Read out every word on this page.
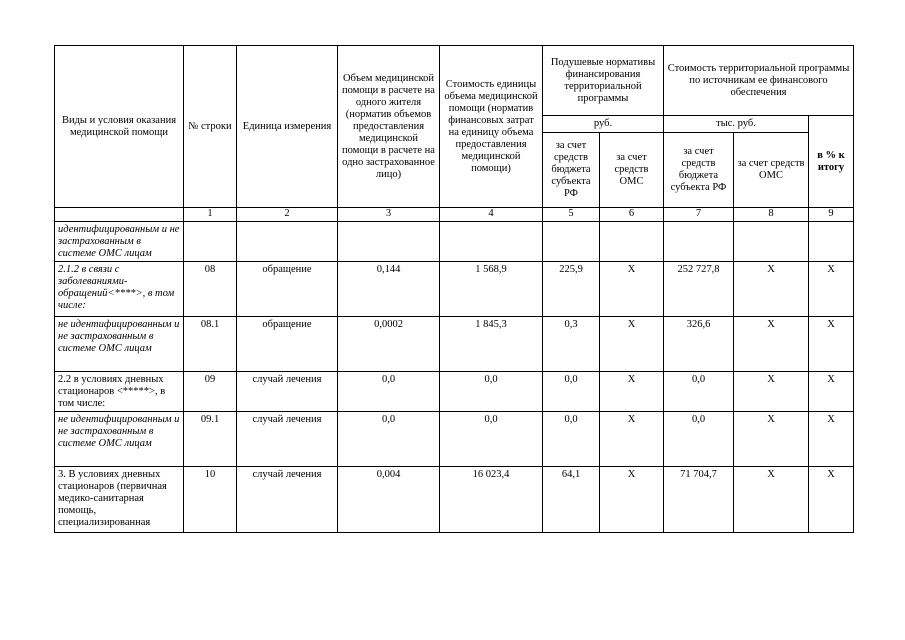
Виды и условия оказания медицинской помощи	№ строки	Единица измерения	Объем медицинской помощи в расчете на одного жителя (норматив объемов предоставления медицинской помощи в расчете на одно застрахованное лицо)	Стоимость единицы объема медицинской помощи (норматив финансовых затрат на единицу объема предоставления медицинской помощи)	Подушевые нормативы финансирования территориальной программы		Стоимость территориальной программы по источникам ее финансового обеспечения		
					руб.		тыс. руб.		в % к итогу
					за счет средств бюджета субъекта РФ	за счет средств ОМС	за счет средств бюджета субъекта РФ	за счет средств ОМС	
	1	2	3	4	5	6	7	8	9
идентифицированным и не застрахованным в системе ОМС лицам									
2.1.2 в связи с заболеваниями-обращений<****>, в том числе:	08	обращение	0,144	1 568,9	225,9	X	252 727,8	X	X
не идентифицированным и не застрахованным в системе ОМС лицам	08.1	обращение	0,0002	1 845,3	0,3	X	326,6	X	X
2.2 в условиях дневных стационаров <*****>, в том числе:	09	случай лечения	0,0	0,0	0,0	X	0,0	X	X
не идентифицированным и не застрахованным в системе ОМС лицам	09.1	случай лечения	0,0	0,0	0,0	X	0,0	X	X
3. В условиях дневных стационаров (первичная медико-санитарная помощь, специализированная	10	случай лечения	0,004	16 023,4	64,1	X	71 704,7	X	X
